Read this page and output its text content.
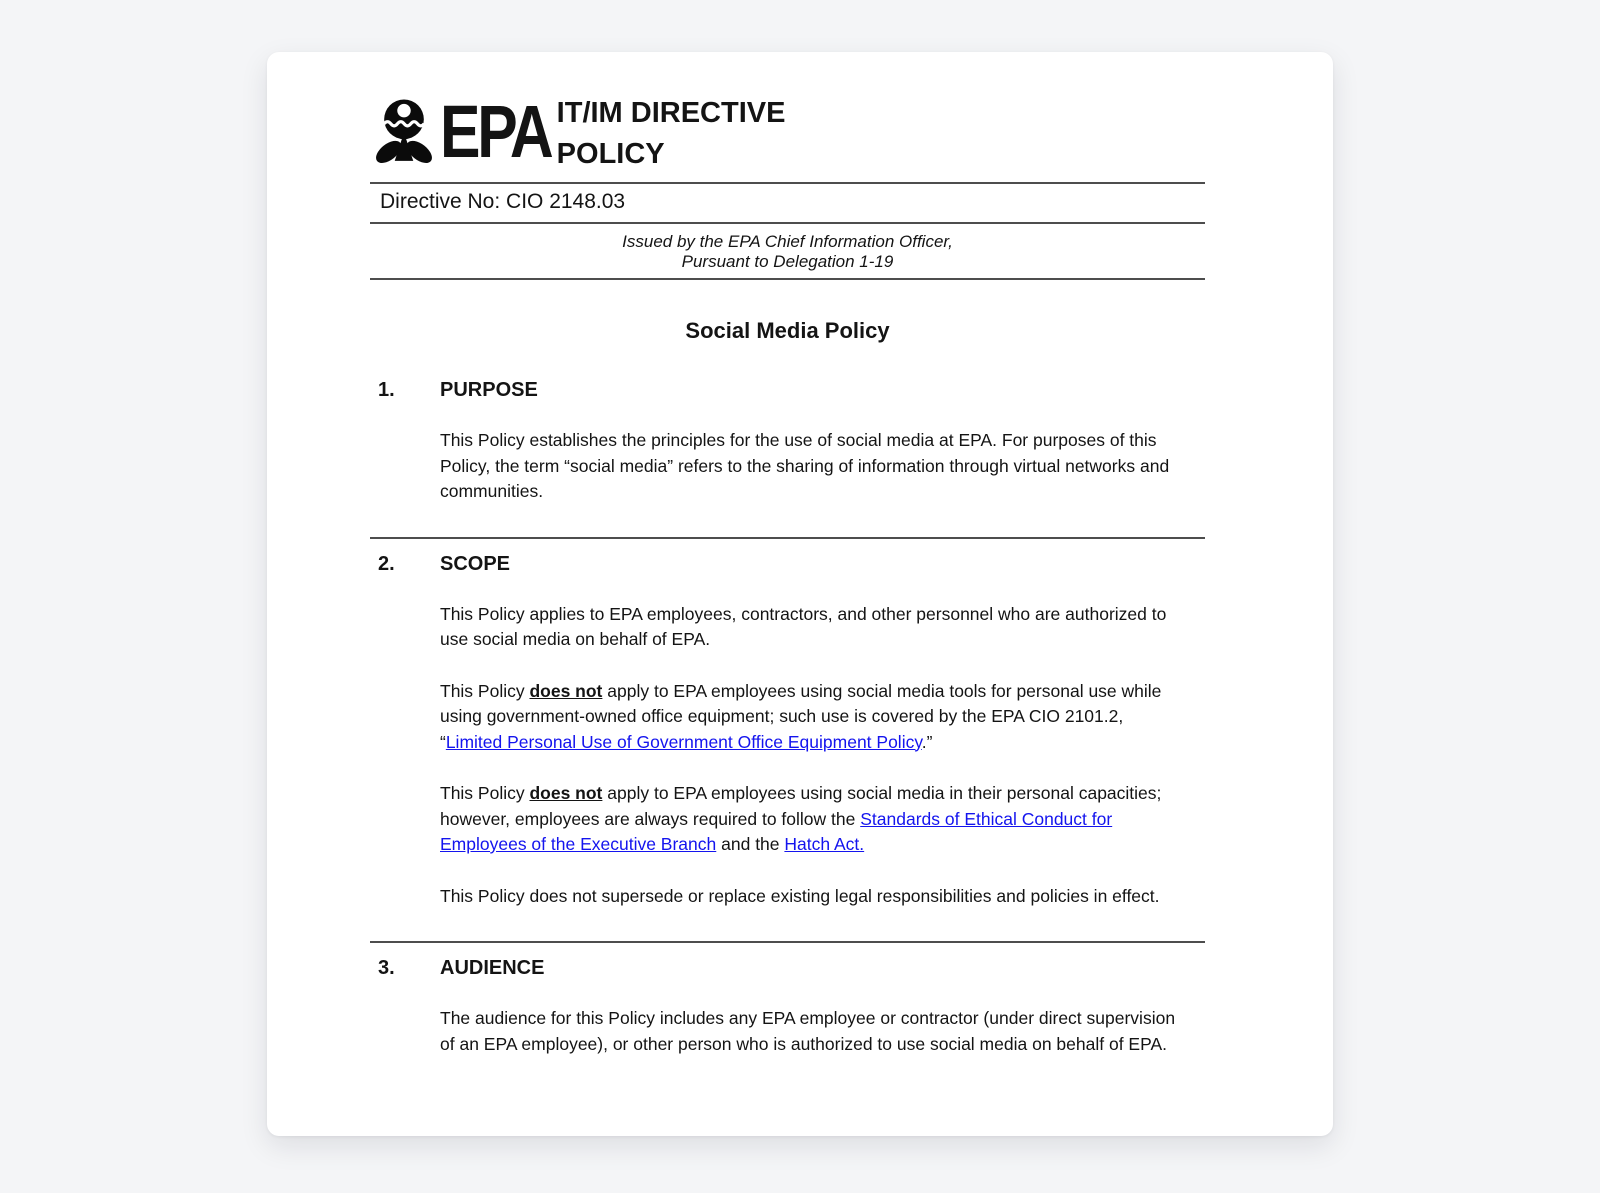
EPA IT/IM DIRECTIVE
POLICY
Directive No: CIO 2148.03
Issued by the EPA Chief Information Officer,
Pursuant to Delegation 1-19
Social Media Policy
1.	PURPOSE

This Policy establishes the principles for the use of social media at EPA. For purposes of this Policy, the term “social media” refers to the sharing of information through virtual networks and communities.

2.	SCOPE

This Policy applies to EPA employees, contractors, and other personnel who are authorized to use social media on behalf of EPA.

This Policy does not apply to EPA employees using social media tools for personal use while using government-owned office equipment; such use is covered by the EPA CIO 2101.2, “Limited Personal Use of Government Office Equipment Policy.”

This Policy does not apply to EPA employees using social media in their personal capacities; however, employees are always required to follow the Standards of Ethical Conduct for Employees of the Executive Branch and the Hatch Act.

This Policy does not supersede or replace existing legal responsibilities and policies in effect.

3.	AUDIENCE

The audience for this Policy includes any EPA employee or contractor (under direct supervision of an EPA employee), or other person who is authorized to use social media on behalf of EPA.
